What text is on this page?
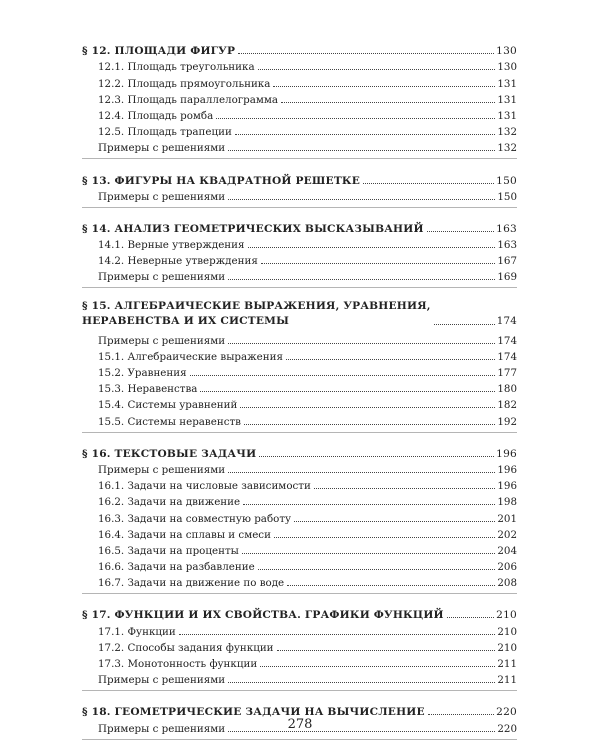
§ 12. ПЛОЩАДИ ФИГУР	130
12.1. Площадь треугольника	130
12.2. Площадь прямоугольника	131
12.3. Площадь параллелограмма	131
12.4. Площадь ромба	131
12.5. Площадь трапеции	132
Примеры с решениями	132
§ 13. ФИГУРЫ НА КВАДРАТНОЙ РЕШЕТКЕ	150
Примеры с решениями	150
§ 14. АНАЛИЗ ГЕОМЕТРИЧЕСКИХ ВЫСКАЗЫВАНИЙ	163
14.1. Верные утверждения	163
14.2. Неверные утверждения	167
Примеры с решениями	169
§ 15. АЛГЕБРАИЧЕСКИЕ ВЫРАЖЕНИЯ, УРАВНЕНИЯ,
НЕРАВЕНСТВА И ИХ СИСТЕМЫ	174
Примеры с решениями	174
15.1. Алгебраические выражения	174
15.2. Уравнения	177
15.3. Неравенства	180
15.4. Системы уравнений	182
15.5. Системы неравенств	192
§ 16. ТЕКСТОВЫЕ ЗАДАЧИ	196
Примеры с решениями	196
16.1. Задачи на числовые зависимости	196
16.2. Задачи на движение	198
16.3. Задачи на совместную работу	201
16.4. Задачи на сплавы и смеси	202
16.5. Задачи на проценты	204
16.6. Задачи на разбавление	206
16.7. Задачи на движение по воде	208
§ 17. ФУНКЦИИ И ИХ СВОЙСТВА. ГРАФИКИ ФУНКЦИЙ	210
17.1. Функции	210
17.2. Способы задания функции	210
17.3. Монотонность функции	211
Примеры с решениями	211
§ 18. ГЕОМЕТРИЧЕСКИЕ ЗАДАЧИ НА ВЫЧИСЛЕНИЕ	220
Примеры с решениями	220
278
